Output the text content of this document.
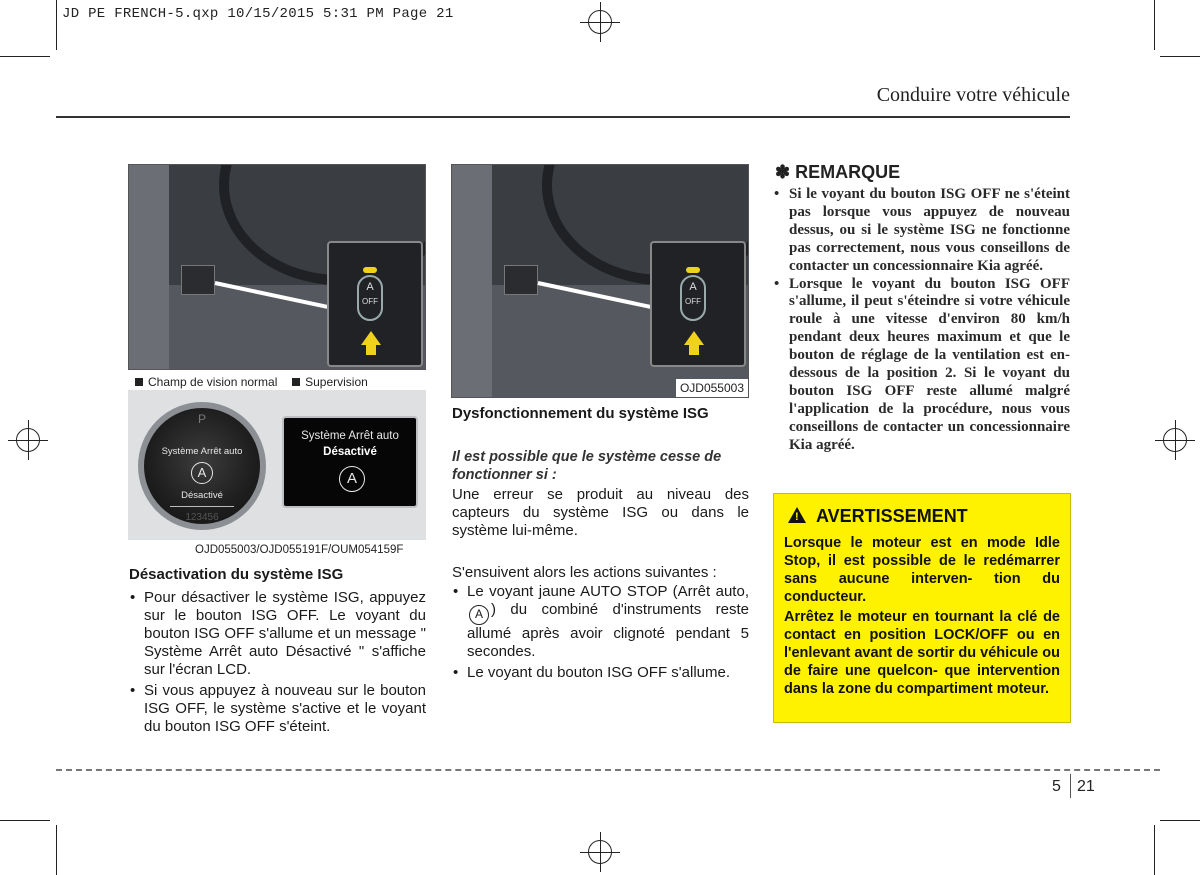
JD PE FRENCH-5.qxp 10/15/2015 5:31 PM Page 21
Conduire votre véhicule
A
OFF
Champ de vision normal Supervision
P
Système Arrêt auto
A
Désactivé
123456
Système Arrêt auto
Désactivé
A
OJD055003/OJD055191F/OUM054159F
Désactivation du système ISG
• Pour désactiver le système ISG, appuyez sur le bouton ISG OFF. Le voyant du bouton ISG OFF s'allume et un message " Système Arrêt auto Désactivé " s'affiche sur l'écran LCD.
• Si vous appuyez à nouveau sur le bouton ISG OFF, le système s'active et le voyant du bouton ISG OFF s'éteint.
A
OFF
OJD055003
Dysfonctionnement du système ISG
Il est possible que le système cesse de fonctionner si :
Une erreur se produit au niveau des capteurs du système ISG ou dans le système lui-même.
S'ensuivent alors les actions suivantes :
• Le voyant jaune AUTO STOP (Arrêt auto, A ) du combiné d'instruments reste allumé après avoir clignoté pendant 5 secondes.
• Le voyant du bouton ISG OFF s'allume.
✽ REMARQUE
• Si le voyant du bouton ISG OFF ne s'éteint pas lorsque vous appuyez de nouveau dessus, ou si le système ISG ne fonctionne pas correctement, nous vous conseillons de contacter un concessionnaire Kia agréé.
• Lorsque le voyant du bouton ISG OFF s'allume, il peut s'éteindre si votre véhicule roule à une vitesse d'environ 80 km/h pendant deux heures maximum et que le bouton de réglage de la ventilation est en-dessous de la position 2. Si le voyant du bouton ISG OFF reste allumé malgré l'application de la procédure, nous vous conseillons de contacter un concessionnaire Kia agréé.
! AVERTISSEMENT

Lorsque le moteur est en mode Idle Stop, il est possible de le redémarrer sans aucune interven- tion du conducteur.

Arrêtez le moteur en tournant la clé de contact en position LOCK/OFF ou en l'enlevant avant de sortir du véhicule ou de faire une quelcon- que intervention dans la zone du compartiment moteur.

5 21
